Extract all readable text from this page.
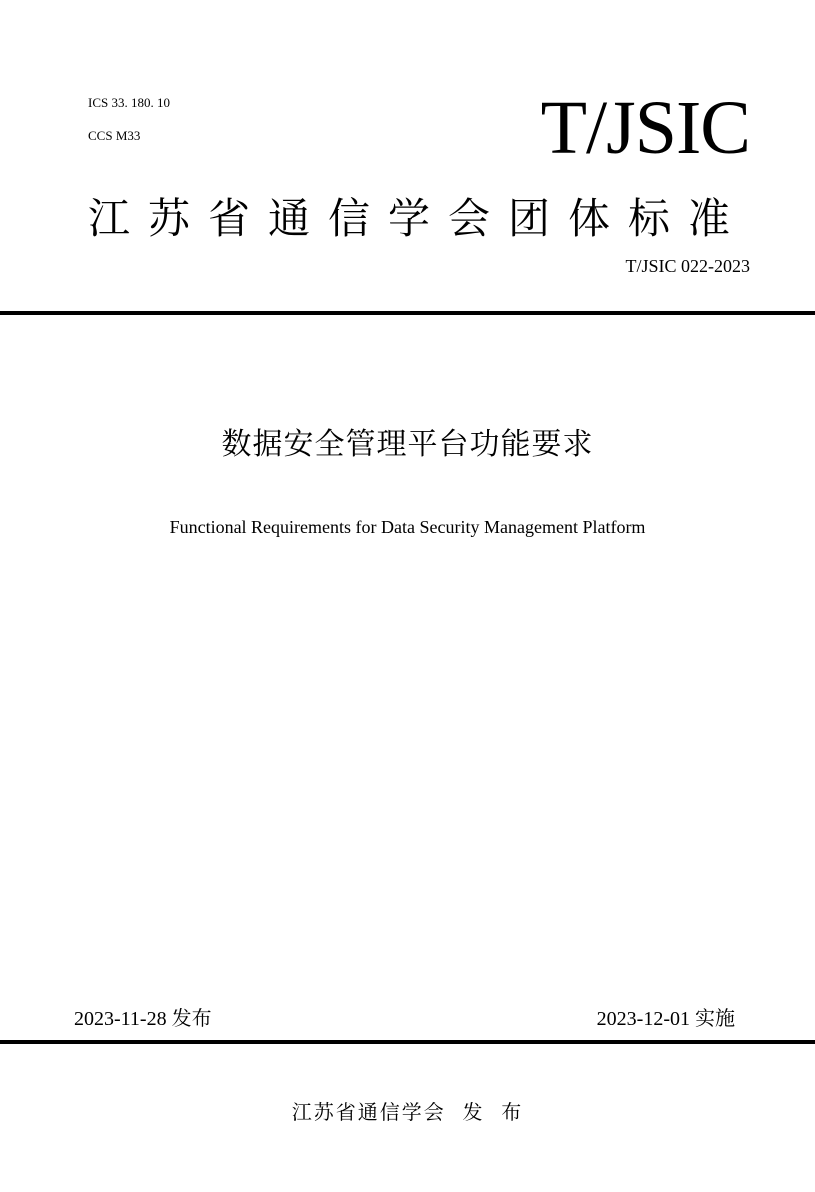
ICS 33. 180. 10
CCS M33	T/JSIC
江苏省通信学会团体标准
T/JSIC 022-2023
数据安全管理平台功能要求
Functional Requirements for Data Security Management Platform
2023-11-28 发布	2023-12-01 实施
江苏省通信学会 发  布
